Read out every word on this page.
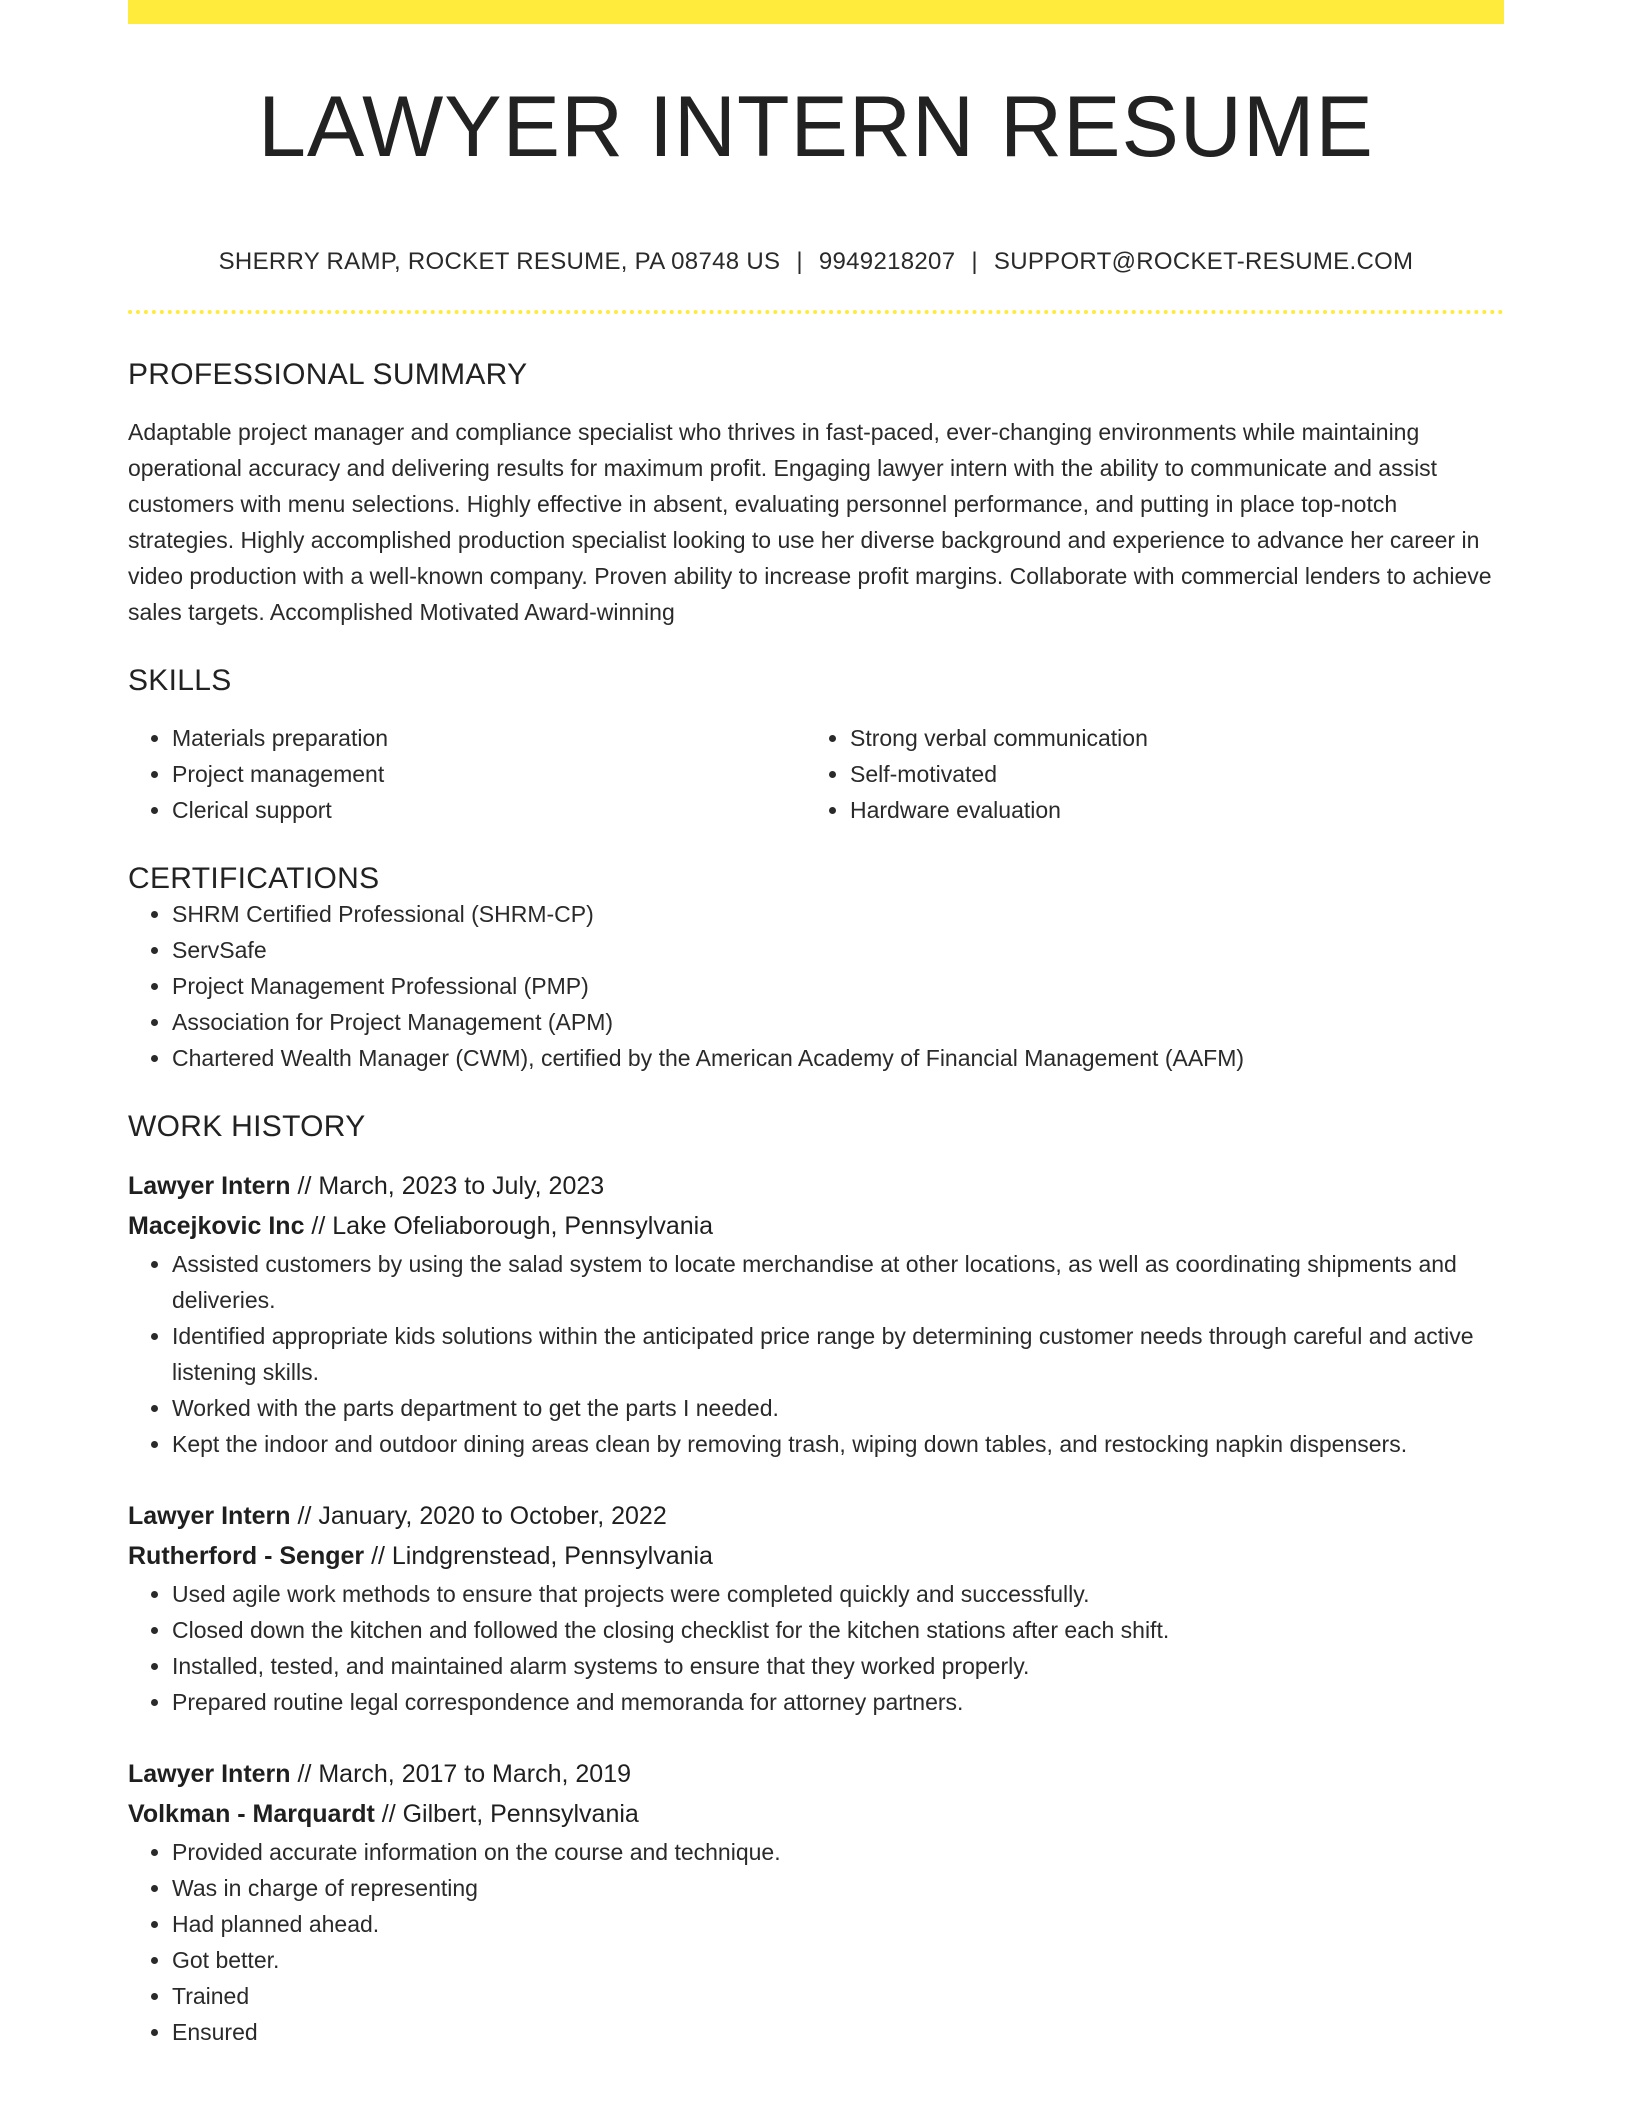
LAWYER INTERN RESUME
SHERRY RAMP, ROCKET RESUME, PA 08748 US | 9949218207 | SUPPORT@ROCKET-RESUME.COM
PROFESSIONAL SUMMARY
Adaptable project manager and compliance specialist who thrives in fast-paced, ever-changing environments while maintaining operational accuracy and delivering results for maximum profit. Engaging lawyer intern with the ability to communicate and assist customers with menu selections. Highly effective in absent, evaluating personnel performance, and putting in place top-notch strategies. Highly accomplished production specialist looking to use her diverse background and experience to advance her career in video production with a well-known company. Proven ability to increase profit margins. Collaborate with commercial lenders to achieve sales targets. Accomplished Motivated Award-winning
SKILLS
• Materials preparation
• Project management
• Clerical support
• Strong verbal communication
• Self-motivated
• Hardware evaluation
CERTIFICATIONS
• SHRM Certified Professional (SHRM-CP)
• ServSafe
• Project Management Professional (PMP)
• Association for Project Management (APM)
• Chartered Wealth Manager (CWM), certified by the American Academy of Financial Management (AAFM)
WORK HISTORY
Lawyer Intern // March, 2023 to July, 2023
Macejkovic Inc // Lake Ofeliaborough, Pennsylvania
• Assisted customers by using the salad system to locate merchandise at other locations, as well as coordinating shipments and deliveries.
• Identified appropriate kids solutions within the anticipated price range by determining customer needs through careful and active listening skills.
• Worked with the parts department to get the parts I needed.
• Kept the indoor and outdoor dining areas clean by removing trash, wiping down tables, and restocking napkin dispensers.
Lawyer Intern // January, 2020 to October, 2022
Rutherford - Senger // Lindgrenstead, Pennsylvania
• Used agile work methods to ensure that projects were completed quickly and successfully.
• Closed down the kitchen and followed the closing checklist for the kitchen stations after each shift.
• Installed, tested, and maintained alarm systems to ensure that they worked properly.
• Prepared routine legal correspondence and memoranda for attorney partners.
Lawyer Intern // March, 2017 to March, 2019
Volkman - Marquardt // Gilbert, Pennsylvania
• Provided accurate information on the course and technique.
• Was in charge of representing
• Had planned ahead.
• Got better.
• Trained
• Ensured
